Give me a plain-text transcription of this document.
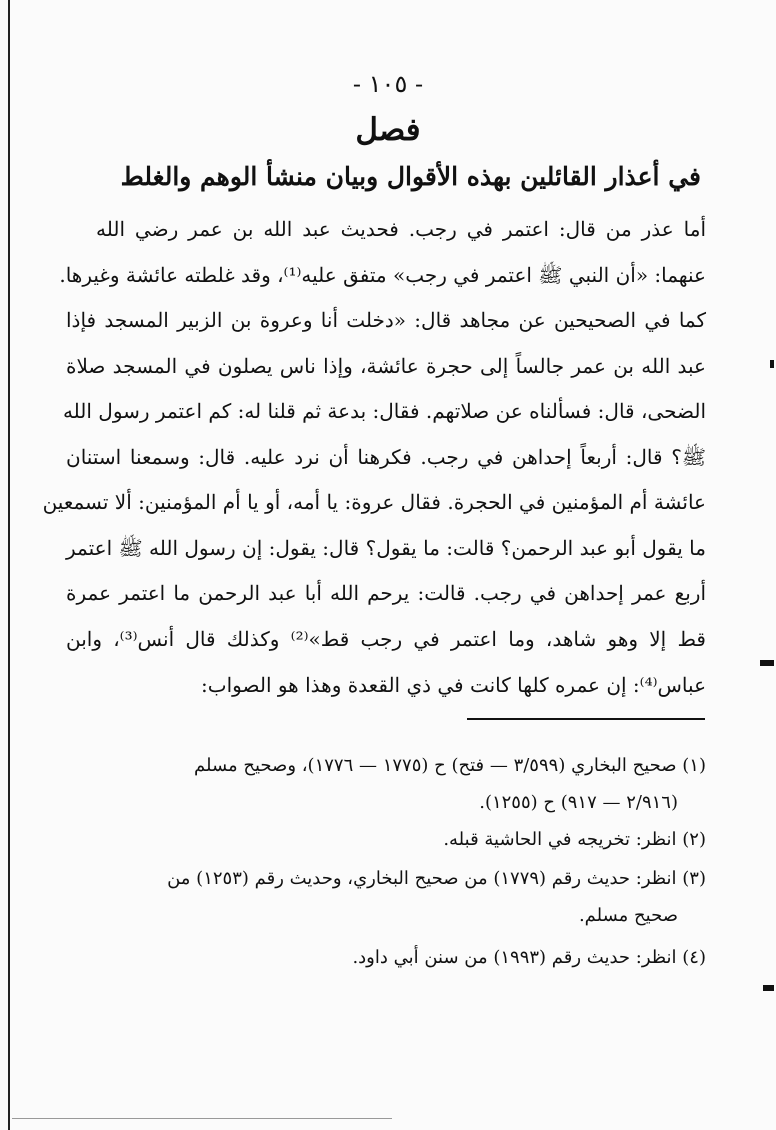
- ١٠٥ -
فصل
في أعذار القائلين بهذه الأقوال وبيان منشأ الوهم والغلط
أما عذر من قال: اعتمر في رجب. فحديث عبد الله بن عمر رضي الله
عنهما: «أن النبي ﷺ اعتمر في رجب» متفق عليه⁽¹⁾، وقد غلطته عائشة وغيرها.
كما في الصحيحين عن مجاهد قال: «دخلت أنا وعروة بن الزبير المسجد فإذا
عبد الله بن عمر جالساً إلى حجرة عائشة، وإذا ناس يصلون في المسجد صلاة
الضحى، قال: فسألناه عن صلاتهم. فقال: بدعة ثم قلنا له: كم اعتمر رسول الله
ﷺ؟ قال: أربعاً إحداهن في رجب. فكرهنا أن نرد عليه. قال: وسمعنا استنان
عائشة أم المؤمنين في الحجرة. فقال عروة: يا أمه، أو يا أم المؤمنين: ألا تسمعين
ما يقول أبو عبد الرحمن؟ قالت: ما يقول؟ قال: يقول: إن رسول الله ﷺ اعتمر
أربع عمر إحداهن في رجب. قالت: يرحم الله أبا عبد الرحمن ما اعتمر عمرة
قط إلا وهو شاهد، وما اعتمر في رجب قط»⁽²⁾ وكذلك قال أنس⁽³⁾، وابن
عباس⁽⁴⁾: إن عمره كلها كانت في ذي القعدة وهذا هو الصواب:
(١) صحيح البخاري (٣/٥٩٩ — فتح) ح (١٧٧٥ — ١٧٧٦)، وصحيح مسلم
(٢/٩١٦ — ٩١٧) ح (١٢٥٥).
(٢) انظر: تخريجه في الحاشية قبله.
(٣) انظر: حديث رقم (١٧٧٩) من صحيح البخاري، وحديث رقم (١٢٥٣) من
صحيح مسلم.
(٤) انظر: حديث رقم (١٩٩٣) من سنن أبي داود.
